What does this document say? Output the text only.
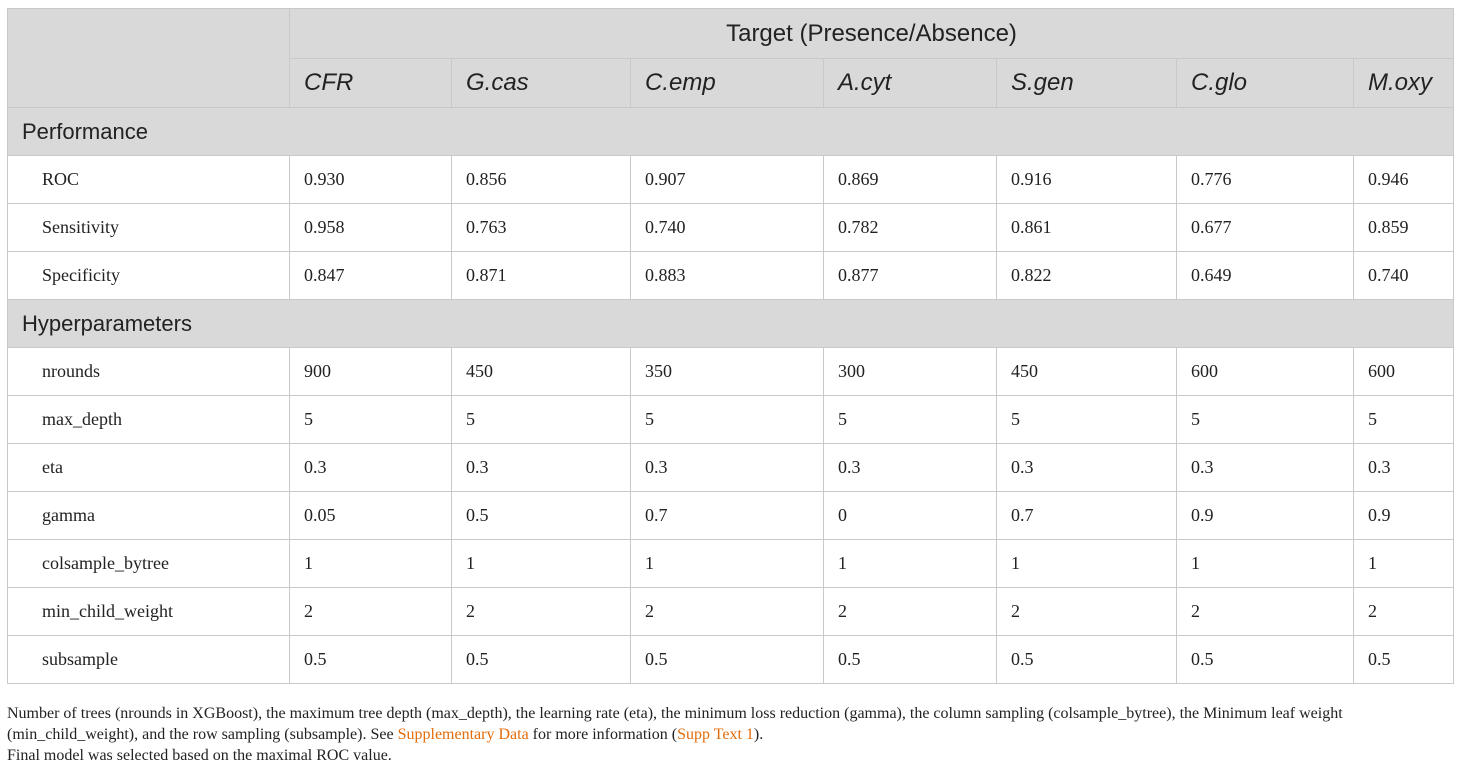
	Target (Presence/Absence)						
	CFR	G.cas	C.emp	A.cyt	S.gen	C.glo	M.oxy
Performance							
ROC	0.930	0.856	0.907	0.869	0.916	0.776	0.946
Sensitivity	0.958	0.763	0.740	0.782	0.861	0.677	0.859
Specificity	0.847	0.871	0.883	0.877	0.822	0.649	0.740
Hyperparameters							
nrounds	900	450	350	300	450	600	600
max_depth	5	5	5	5	5	5	5
eta	0.3	0.3	0.3	0.3	0.3	0.3	0.3
gamma	0.05	0.5	0.7	0	0.7	0.9	0.9
colsample_bytree	1	1	1	1	1	1	1
min_child_weight	2	2	2	2	2	2	2
subsample	0.5	0.5	0.5	0.5	0.5	0.5	0.5

Number of trees (nrounds in XGBoost), the maximum tree depth (max_depth), the learning rate (eta), the minimum loss reduction (gamma), the column sampling (colsample_bytree), the Minimum leaf weight (min_child_weight), and the row sampling (subsample). See Supplementary Data for more information (Supp Text 1).

Final model was selected based on the maximal ROC value.
